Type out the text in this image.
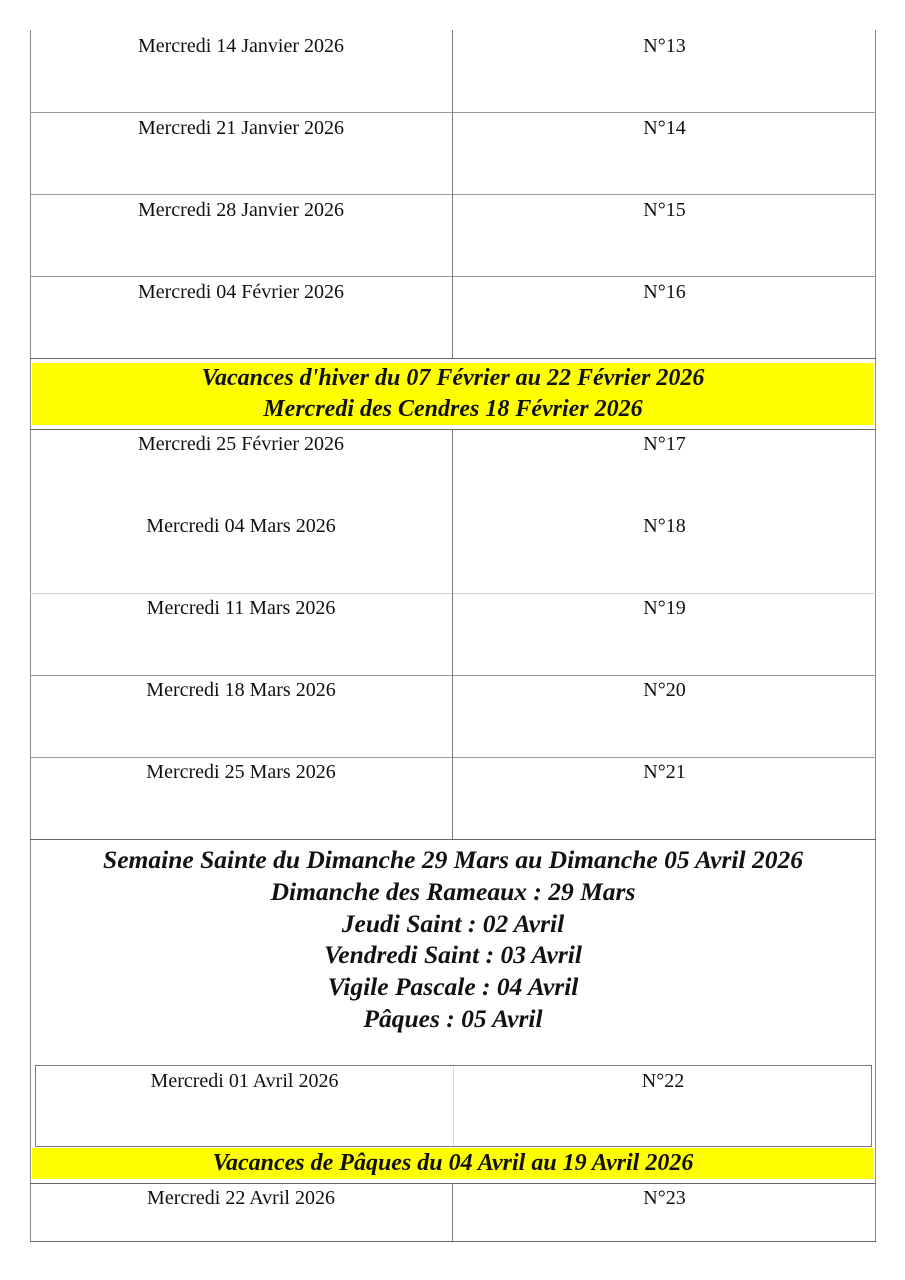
Mercredi 14 Janvier 2026	N°13
Mercredi 21 Janvier 2026	N°14
Mercredi 28 Janvier 2026	N°15
Mercredi 04 Février 2026	N°16
Vacances d'hiver du 07 Février au 22 Février 2026
Mercredi des Cendres 18 Février 2026
Mercredi 25 Février 2026	N°17
Mercredi 04 Mars 2026	N°18
Mercredi 11 Mars 2026	N°19
Mercredi 18 Mars 2026	N°20
Mercredi 25 Mars 2026	N°21
Semaine Sainte du Dimanche 29 Mars au Dimanche 05 Avril 2026
Dimanche des Rameaux : 29 Mars
Jeudi Saint : 02 Avril
Vendredi Saint : 03 Avril
Vigile Pascale : 04 Avril
Pâques : 05 Avril
Mercredi 01 Avril 2026	N°22
Vacances de Pâques du 04 Avril au 19 Avril 2026
Mercredi 22 Avril 2026	N°23
